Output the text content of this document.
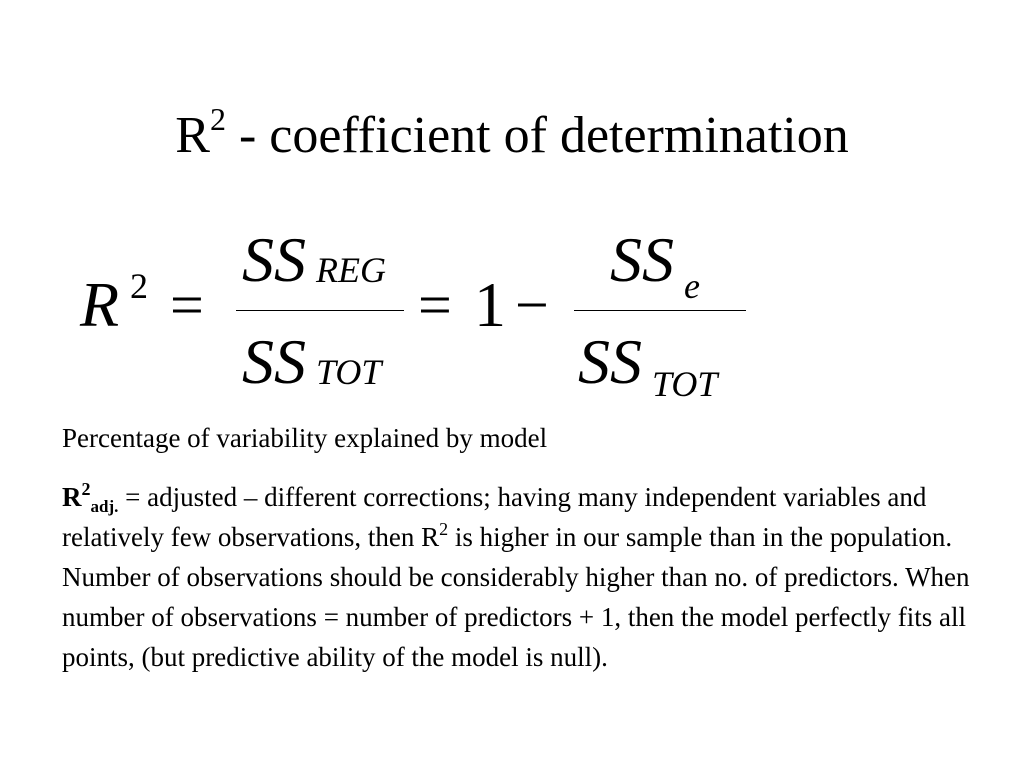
$R^2$ - coefficient of determination
R 2 =
SS REG
SS TOT
= 1 −
SS e
SS TOT
Percentage of variability explained by model
$R^2_{adj.}$ = adjusted – different corrections; having many independent variables and relatively few observations, then $R^2$ is higher in our sample than in the population. Number of observations should be considerably higher than no. of predictors. When number of observations = number of predictors + 1, then the model perfectly fits all points, (but predictive ability of the model is null).
